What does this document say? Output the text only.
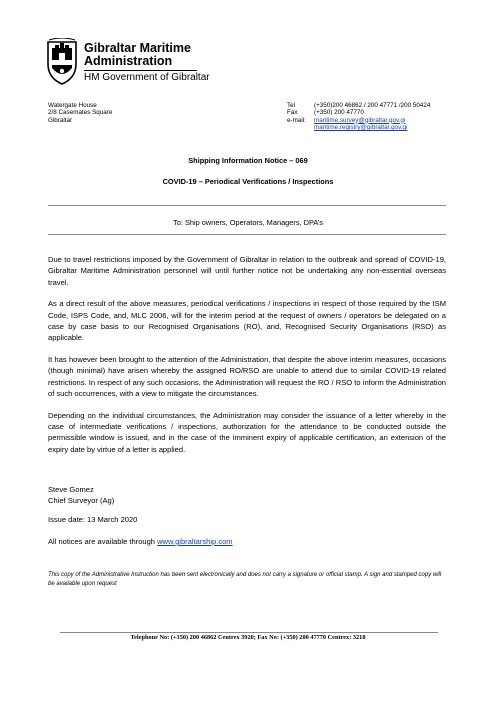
Gibraltar Maritime
Administration
HM Government of Gibraltar
Watergate House
2/8 Casemates Square
Gibraltar
Tel	(+350)200 46862 / 200 47771 /200 50424
Fax	(+350) 200 47770
e-mail: maritime.survey@gibraltar.gov.gi
maritime.registry@gibraltar.gov.gi
Shipping Information Notice – 069
COVID-19 – Periodical Verifications / Inspections
To: Ship owners, Operators, Managers, DPA’s

Due to travel restrictions imposed by the Government of Gibraltar in relation to the outbreak and spread of COVID-19, Gibraltar Maritime Administration personnel will until further notice not be undertaking any non-essential overseas travel.

As a direct result of the above measures, periodical verifications / inspections in respect of those required by the ISM Code, ISPS Code, and, MLC 2006, will for the interim period at the request of owners / operators be delegated on a case by case basis to our Recognised Organisations (RO), and, Recognised Security Organisations (RSO) as applicable.

It has however been brought to the attention of the Administration, that despite the above interim measures, occasions (though minimal) have arisen whereby the assigned RO/RSO are unable to attend due to similar COVID-19 related restrictions. In respect of any such occasions, the Administration will request the RO / RSO to inform the Administration of such occurrences, with a view to mitigate the circumstances.

Depending on the individual circumstances, the Administration may consider the issuance of a letter whereby in the case of intermediate verifications / inspections, authorization for the attendance to be conducted outside the permissible window is issued, and in the case of the imminent expiry of applicable certification, an extension of the expiry date by virtue of a letter is applied.

Steve Gomez
Chief Surveyor (Ag)
Issue date: 13 March 2020
All notices are available through www.gibraltarship.com
This copy of the Administrative Instruction has been sent electronically and does not carry a signature or official stamp. A sign and stamped copy will be available upon request
Telephone No: (+350) 200 46862 Centrex 3920; Fax No: (+350) 200 47770 Centrex: 3218
